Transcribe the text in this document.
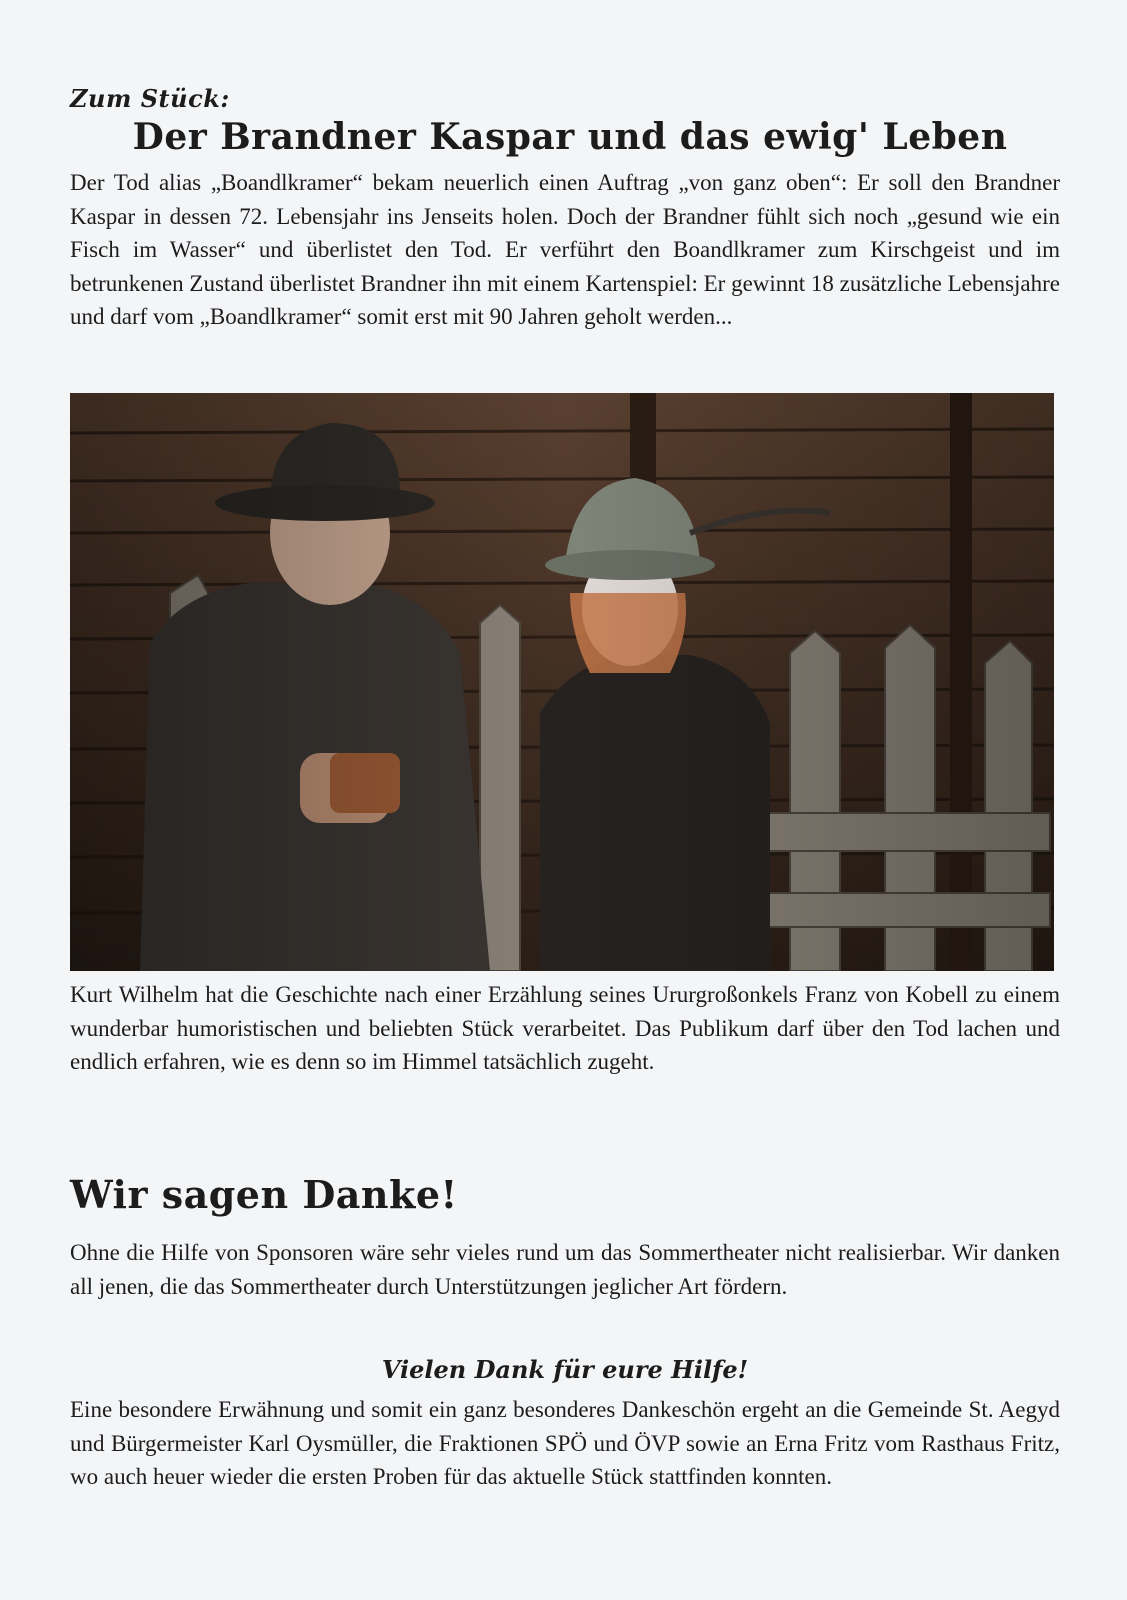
Zum Stück:
Der Brandner Kaspar und das ewig' Leben

Der Tod alias „Boandlkramer“ bekam neuerlich einen Auftrag „von ganz oben“: Er soll den Brandner Kaspar in dessen 72. Lebensjahr ins Jenseits holen. Doch der Brandner fühlt sich noch „gesund wie ein Fisch im Wasser“ und überlistet den Tod. Er verführt den Boandlkramer zum Kirschgeist und im betrunkenen Zustand überlistet Brandner ihn mit einem Kartenspiel: Er gewinnt 18 zusätzliche Lebensjahre und darf vom „Boandlkramer“ somit erst mit 90 Jahren geholt werden...

Kurt Wilhelm hat die Geschichte nach einer Erzählung seines Ururgroßonkels Franz von Kobell zu einem wunderbar humoristischen und beliebten Stück verarbeitet. Das Publikum darf über den Tod lachen und endlich erfahren, wie es denn so im Himmel tatsächlich zugeht.

Wir sagen Danke!

Ohne die Hilfe von Sponsoren wäre sehr vieles rund um das Sommertheater nicht realisierbar. Wir danken all jenen, die das Sommertheater durch Unterstützungen jeglicher Art fördern.

Vielen Dank für eure Hilfe!

Eine besondere Erwähnung und somit ein ganz besonderes Dankeschön ergeht an die Gemeinde St. Aegyd und Bürgermeister Karl Oysmüller, die Fraktionen SPÖ und ÖVP sowie an Erna Fritz vom Rasthaus Fritz, wo auch heuer wieder die ersten Proben für das aktuelle Stück stattfinden konnten.
